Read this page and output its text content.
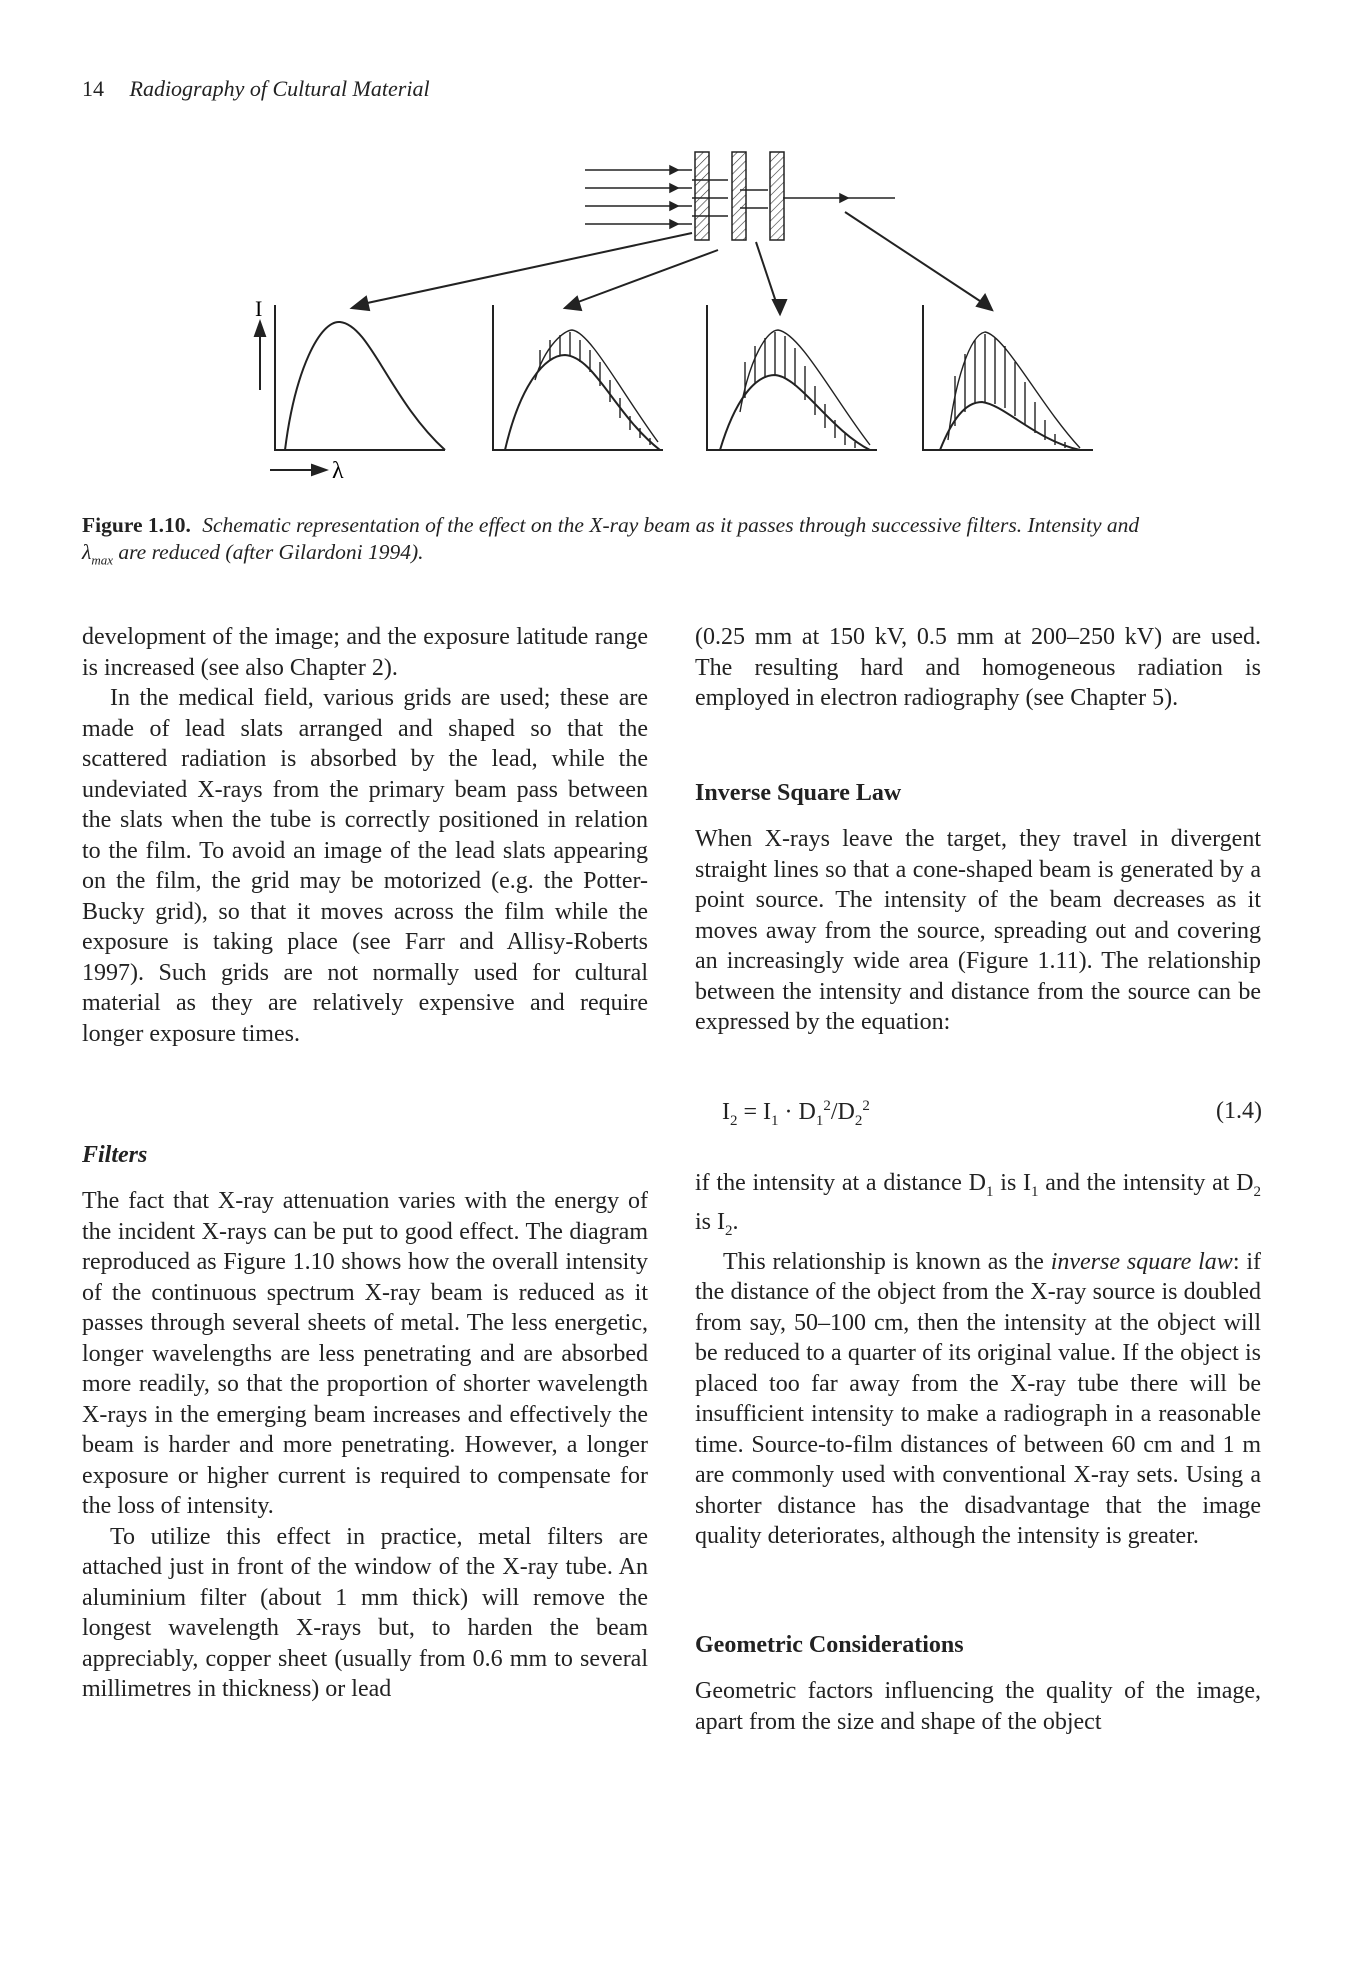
14 Radiography of Cultural Material
I
λ
Figure 1.10. Schematic representation of the effect on the X-ray beam as it passes through successive filters. Intensity and
$\lambda_{max}$ are reduced (after Gilardoni 1994).

development of the image; and the exposure latitude range is increased (see also Chapter 2).

In the medical field, various grids are used; these are made of lead slats arranged and shaped so that the scattered radiation is absorbed by the lead, while the undeviated X-rays from the primary beam pass between the slats when the tube is correctly positioned in relation to the film. To avoid an image of the lead slats appearing on the film, the grid may be motorized (e.g. the Potter-Bucky grid), so that it moves across the film while the exposure is taking place (see Farr and Allisy-Roberts 1997). Such grids are not normally used for cultural material as they are relatively expensive and require longer exposure times.

Filters

The fact that X-ray attenuation varies with the energy of the incident X-rays can be put to good effect. The diagram reproduced as Figure 1.10 shows how the overall intensity of the continuous spectrum X-ray beam is reduced as it passes through several sheets of metal. The less energetic, longer wavelengths are less penetrating and are absorbed more readily, so that the proportion of shorter wavelength X-rays in the emerging beam increases and effectively the beam is harder and more penetrating. However, a longer exposure or higher current is required to compensate for the loss of intensity.

To utilize this effect in practice, metal filters are attached just in front of the window of the X-ray tube. An aluminium filter (about 1 mm thick) will remove the longest wavelength X-rays but, to harden the beam appreciably, copper sheet (usually from 0.6 mm to several millimetres in thickness) or lead

(0.25 mm at 150 kV, 0.5 mm at 200–250 kV) are used. The resulting hard and homogeneous radiation is employed in electron radiography (see Chapter 5).

Inverse Square Law

When X-rays leave the target, they travel in divergent straight lines so that a cone-shaped beam is generated by a point source. The intensity of the beam decreases as it moves away from the source, spreading out and covering an increasingly wide area (Figure 1.11). The relationship between the intensity and distance from the source can be expressed by the equation:

$I_2 = I_1 \cdot D_1^2/D_2^2$	(1.4)

if the intensity at a distance $D_1$ is $I_1$ and the intensity at $D_2$ is $I_2$.

This relationship is known as the inverse square law: if the distance of the object from the X-ray source is doubled from say, 50–100 cm, then the intensity at the object will be reduced to a quarter of its original value. If the object is placed too far away from the X-ray tube there will be insufficient intensity to make a radiograph in a reasonable time. Source-to-film distances of between 60 cm and 1 m are commonly used with conventional X-ray sets. Using a shorter distance has the disadvantage that the image quality deteriorates, although the intensity is greater.

Geometric Considerations

Geometric factors influencing the quality of the image, apart from the size and shape of the object
